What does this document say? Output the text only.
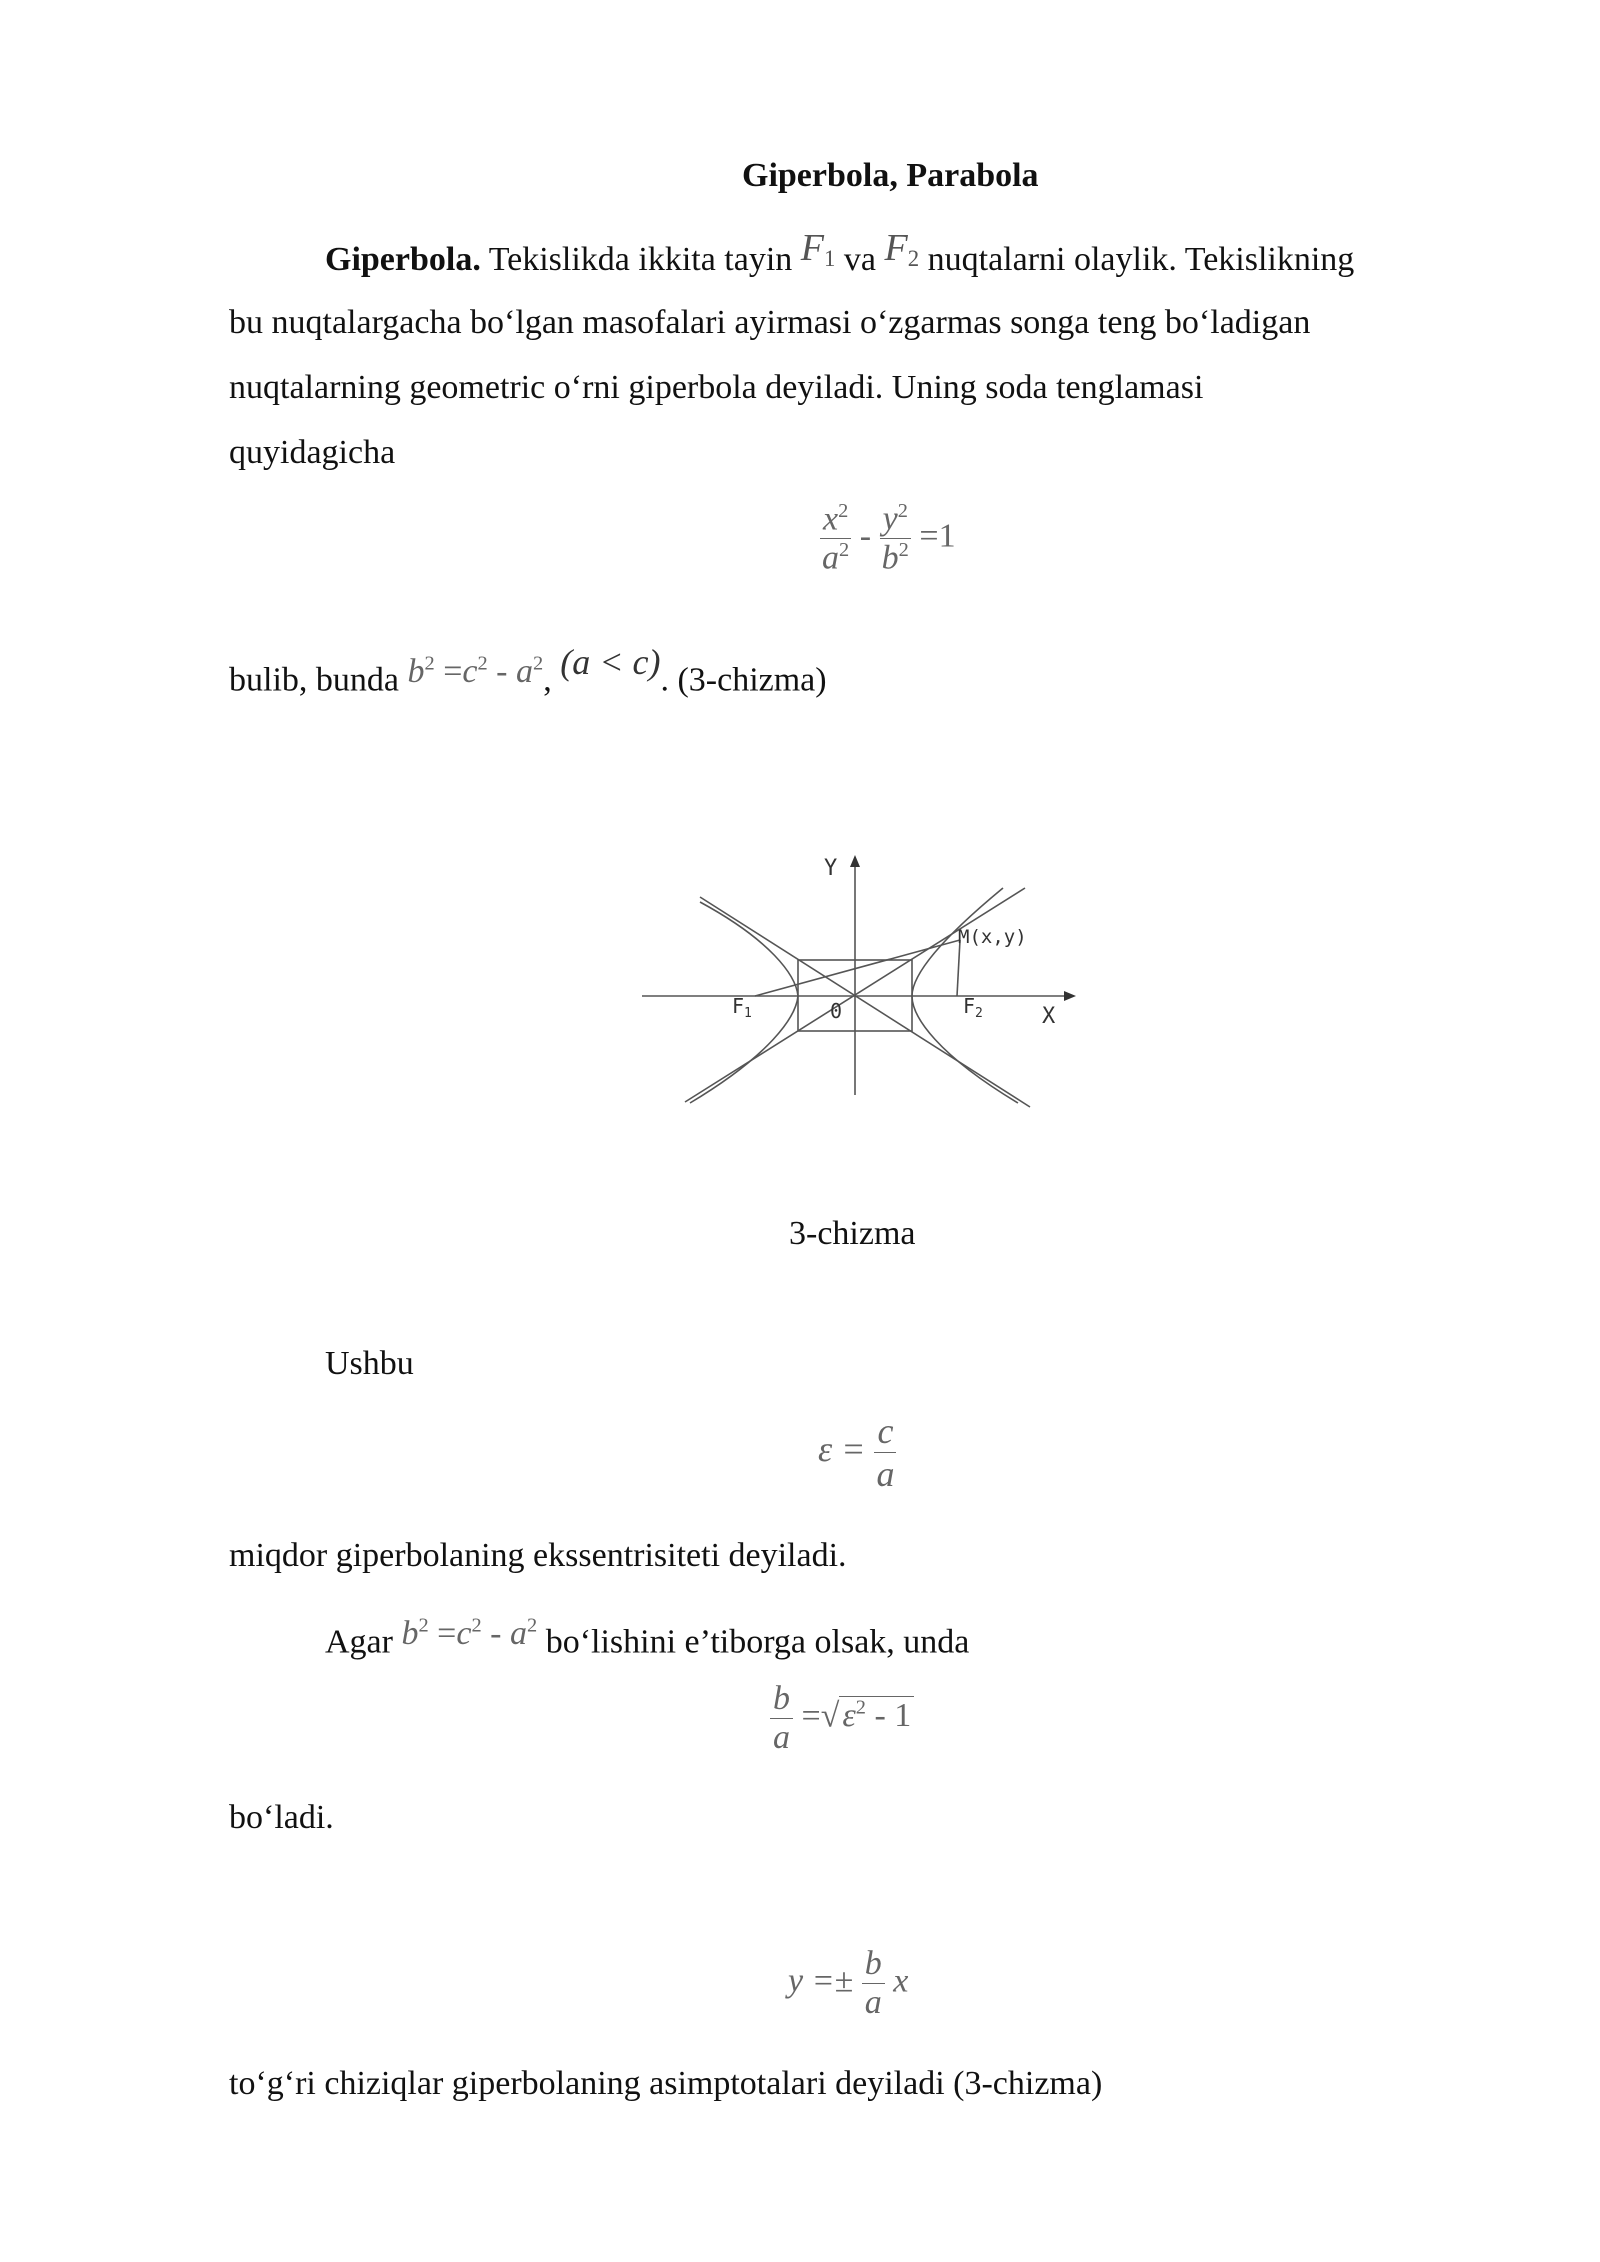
Giperbola, Parabola
Giperbola. Tekislikda ikkita tayin $F_1$ va $F_2$ nuqtalarni olaylik. Tekislikning
bu nuqtalargacha bo‘lgan masofalari ayirmasi o‘zgarmas songa teng bo‘ladigan
nuqtalarning geometric o‘rni giperbola deyiladi. Uning soda tenglamasi
quyidagicha
$\frac{x^2}{a^2} - \frac{y^2}{b^2} =1$
bulib, bunda $b^2 =c^2 - a^2$, (a < c). (3-chizma)
Y
X
0
$F_1$	$F_2$
M(x,y)
3-chizma
Ushbu
$\varepsilon = \frac{c}{a}$
miqdor giperbolaning ekssentrisiteti deyiladi.
Agar $b^2 =c^2 - a^2$ bo‘lishini e’tiborga olsak, unda
$\frac{b}{a} =√\varepsilon^2 - 1$
bo‘ladi.
$y =\pm \frac{b}{a}$ x
to‘g‘ri chiziqlar giperbolaning asimptotalari deyiladi (3-chizma)
